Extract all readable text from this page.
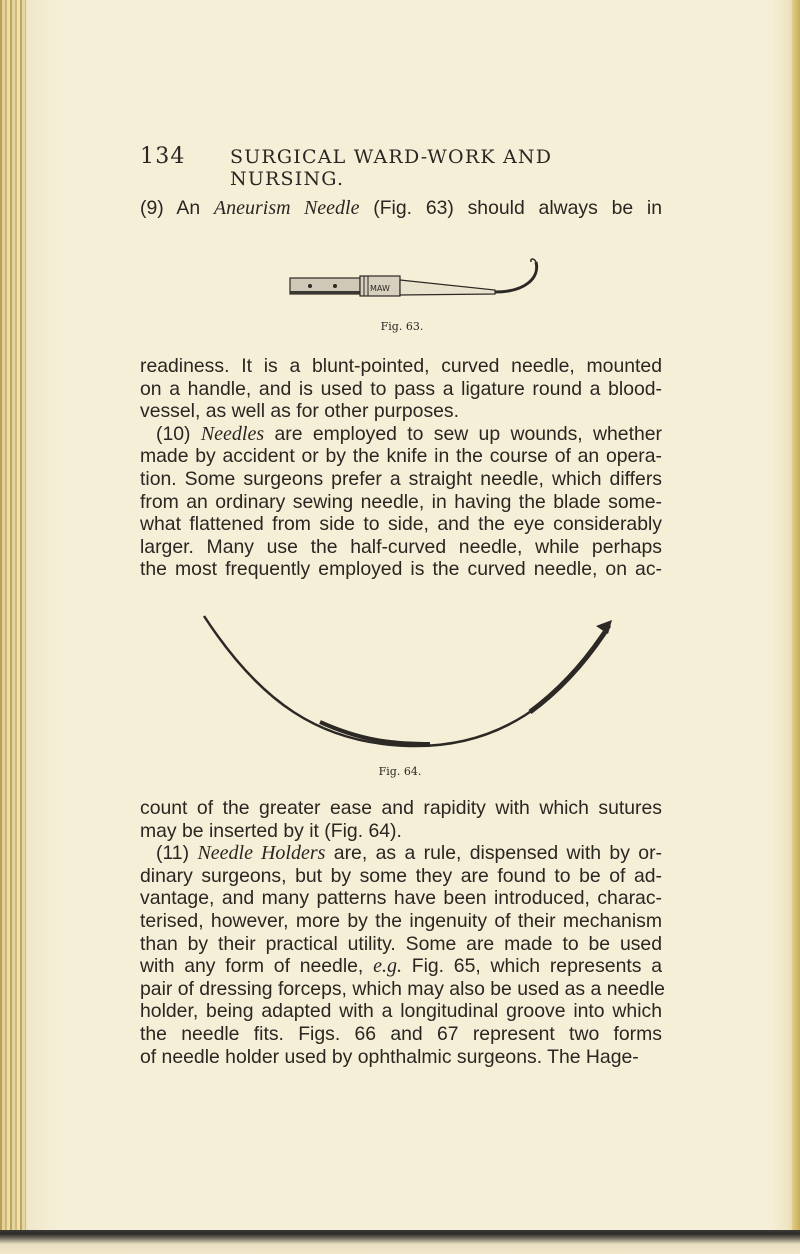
134 SURGICAL WARD-WORK AND NURSING.
(9) An Aneurism Needle (Fig. 63) should always be in
MAW
Fig. 63.
readiness. It is a blunt-pointed, curved needle, mounted
on a handle, and is used to pass a ligature round a blood-
vessel, as well as for other purposes.
(10) Needles are employed to sew up wounds, whether
made by accident or by the knife in the course of an opera-
tion. Some surgeons prefer a straight needle, which differs
from an ordinary sewing needle, in having the blade some-
what flattened from side to side, and the eye considerably
larger. Many use the half-curved needle, while perhaps
the most frequently employed is the curved needle, on ac-
Fig. 64.
count of the greater ease and rapidity with which sutures
may be inserted by it (Fig. 64).
(11) Needle Holders are, as a rule, dispensed with by or-
dinary surgeons, but by some they are found to be of ad-
vantage, and many patterns have been introduced, charac-
terised, however, more by the ingenuity of their mechanism
than by their practical utility. Some are made to be used
with any form of needle, e.g. Fig. 65, which represents a
pair of dressing forceps, which may also be used as a needle
holder, being adapted with a longitudinal groove into which
the needle fits. Figs. 66 and 67 represent two forms
of needle holder used by ophthalmic surgeons. The Hage-
